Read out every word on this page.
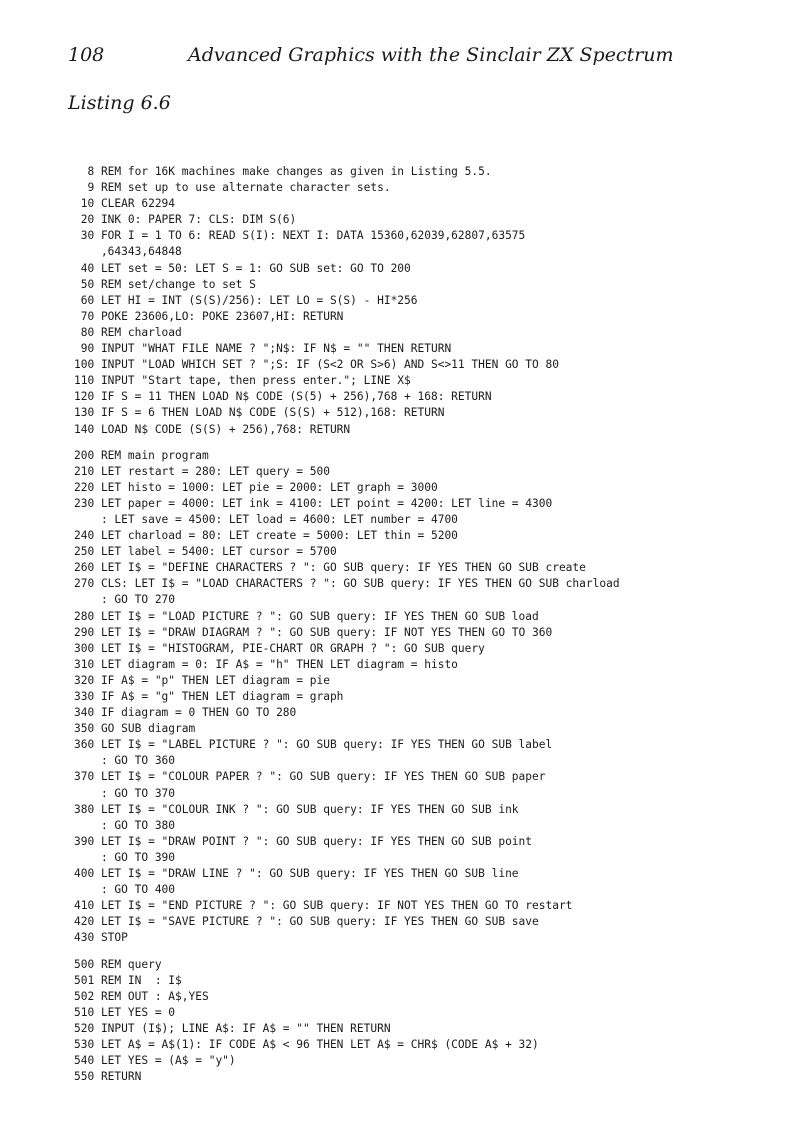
108	Advanced Graphics with the Sinclair ZX Spectrum
Listing 6.6
8 REM for 16K machines make changes as given in Listing 5.5.
9 REM set up to use alternate character sets.
10 CLEAR 62294
20 INK 0: PAPER 7: CLS: DIM S(6)
30 FOR I = 1 TO 6: READ S(I): NEXT I: DATA 15360,62039,62807,63575
,64343,64848
40 LET set = 50: LET S = 1: GO SUB set: GO TO 200
50 REM set/change to set S
60 LET HI = INT (S(S)/256): LET LO = S(S) - HI*256
70 POKE 23606,LO: POKE 23607,HI: RETURN
80 REM charload
90 INPUT "WHAT FILE NAME ? ";N$: IF N$ = "" THEN RETURN
100 INPUT "LOAD WHICH SET ? ";S: IF (S<2 OR S>6) AND S<>11 THEN GO TO 80
110 INPUT "Start tape, then press enter."; LINE X$
120 IF S = 11 THEN LOAD N$ CODE (S(5) + 256),768 + 168: RETURN
130 IF S = 6 THEN LOAD N$ CODE (S(S) + 512),168: RETURN
140 LOAD N$ CODE (S(S) + 256),768: RETURN
200 REM main program
210 LET restart = 280: LET query = 500
220 LET histo = 1000: LET pie = 2000: LET graph = 3000
230 LET paper = 4000: LET ink = 4100: LET point = 4200: LET line = 4300
: LET save = 4500: LET load = 4600: LET number = 4700
240 LET charload = 80: LET create = 5000: LET thin = 5200
250 LET label = 5400: LET cursor = 5700
260 LET I$ = "DEFINE CHARACTERS ? ": GO SUB query: IF YES THEN GO SUB create
270 CLS: LET I$ = "LOAD CHARACTERS ? ": GO SUB query: IF YES THEN GO SUB charload
: GO TO 270
280 LET I$ = "LOAD PICTURE ? ": GO SUB query: IF YES THEN GO SUB load
290 LET I$ = "DRAW DIAGRAM ? ": GO SUB query: IF NOT YES THEN GO TO 360
300 LET I$ = "HISTOGRAM, PIE-CHART OR GRAPH ? ": GO SUB query
310 LET diagram = 0: IF A$ = "h" THEN LET diagram = histo
320 IF A$ = "p" THEN LET diagram = pie
330 IF A$ = "g" THEN LET diagram = graph
340 IF diagram = 0 THEN GO TO 280
350 GO SUB diagram
360 LET I$ = "LABEL PICTURE ? ": GO SUB query: IF YES THEN GO SUB label
: GO TO 360
370 LET I$ = "COLOUR PAPER ? ": GO SUB query: IF YES THEN GO SUB paper
: GO TO 370
380 LET I$ = "COLOUR INK ? ": GO SUB query: IF YES THEN GO SUB ink
: GO TO 380
390 LET I$ = "DRAW POINT ? ": GO SUB query: IF YES THEN GO SUB point
: GO TO 390
400 LET I$ = "DRAW LINE ? ": GO SUB query: IF YES THEN GO SUB line
: GO TO 400
410 LET I$ = "END PICTURE ? ": GO SUB query: IF NOT YES THEN GO TO restart
420 LET I$ = "SAVE PICTURE ? ": GO SUB query: IF YES THEN GO SUB save
430 STOP
500 REM query
501 REM IN  : I$
502 REM OUT : A$,YES
510 LET YES = 0
520 INPUT (I$); LINE A$: IF A$ = "" THEN RETURN
530 LET A$ = A$(1): IF CODE A$ < 96 THEN LET A$ = CHR$ (CODE A$ + 32)
540 LET YES = (A$ = "y")
550 RETURN
